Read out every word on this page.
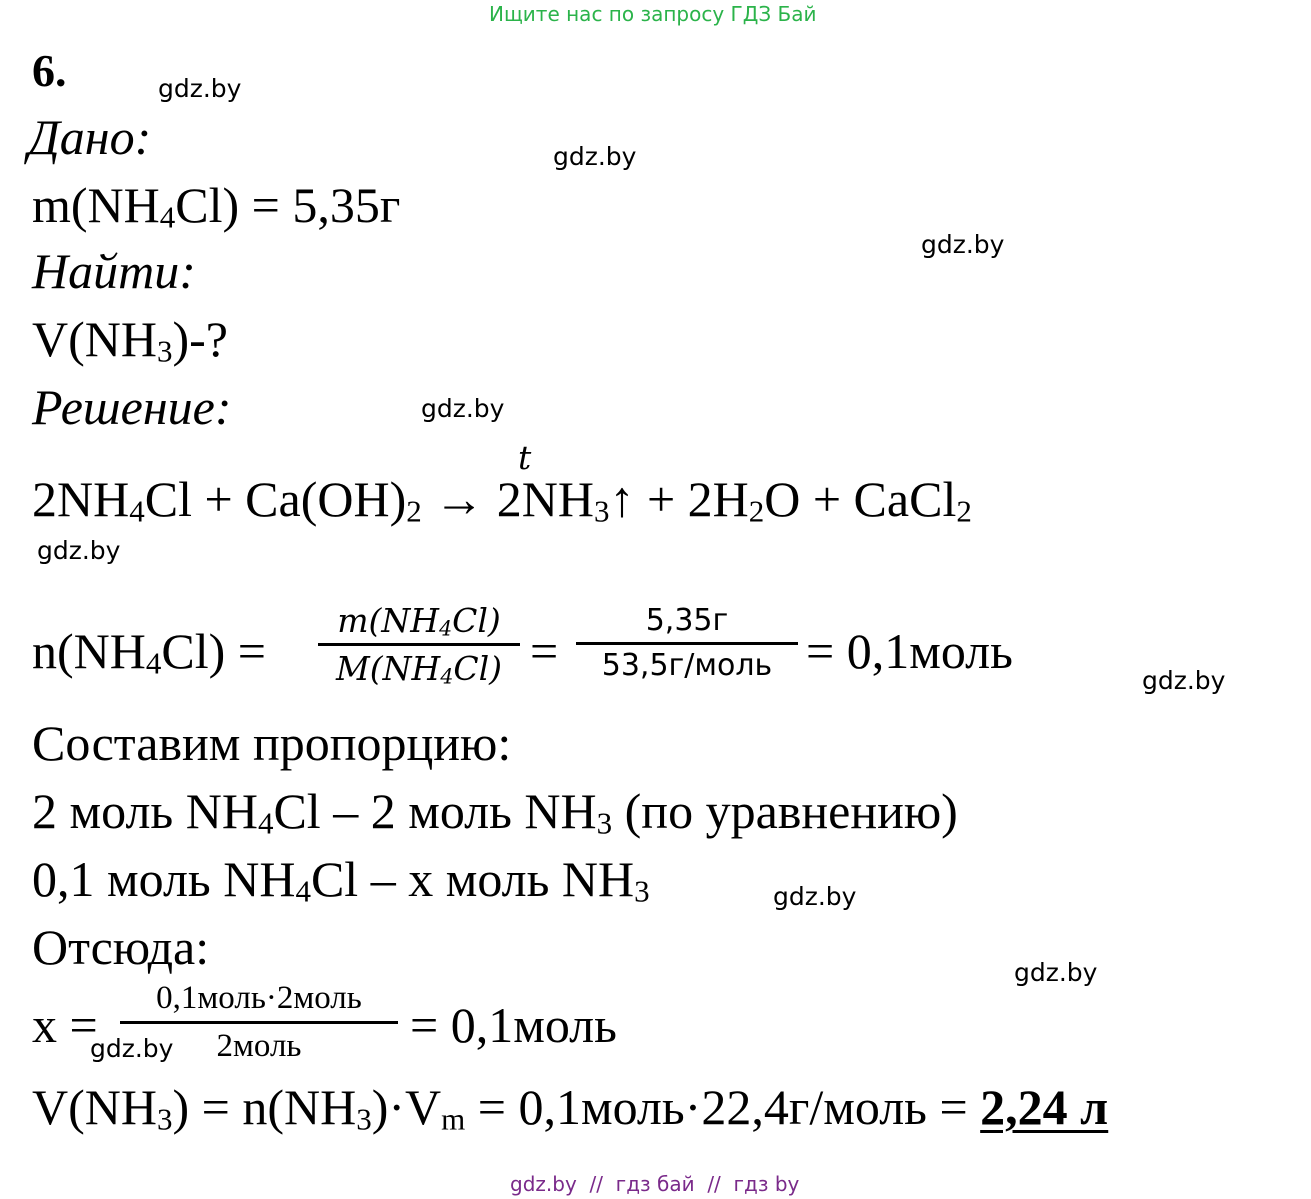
Ищите нас по запросу ГДЗ Бай
6.	gdz.by
gdz.by
gdz.by
gdz.by
gdz.by
gdz.by
gdz.by
gdz.by
Дано:
$m(NH_4Cl) = 5,35г$
Найти:
$V(NH_3)-$?
Решение:
t
$2NH_4Cl + Ca(OH)_2$ → $2NH_3↑ + 2H_2O$ + CaCl$_2$
$n(NH_4Cl)$ =
$m(NH_4Cl)$
$M(NH_4Cl)$ =
5,35г
53,5г/моль = 0,1моль
Составим пропорцию:
2 моль $NH_4Cl - 2$ моль $NH_3$ (по уравнению)
0,1 моль $NH_4Cl$ – x моль $NH_3$
Отсюда:
x =	0,1моль·2моль
2моль
gdz.by	= 0,1моль
$V(NH_3) = n(NH_3)\cdot V_m$ = 0,1моль·22,4г/моль = 2,24 л
gdz.by  //  гдз бай  //  гдз by
